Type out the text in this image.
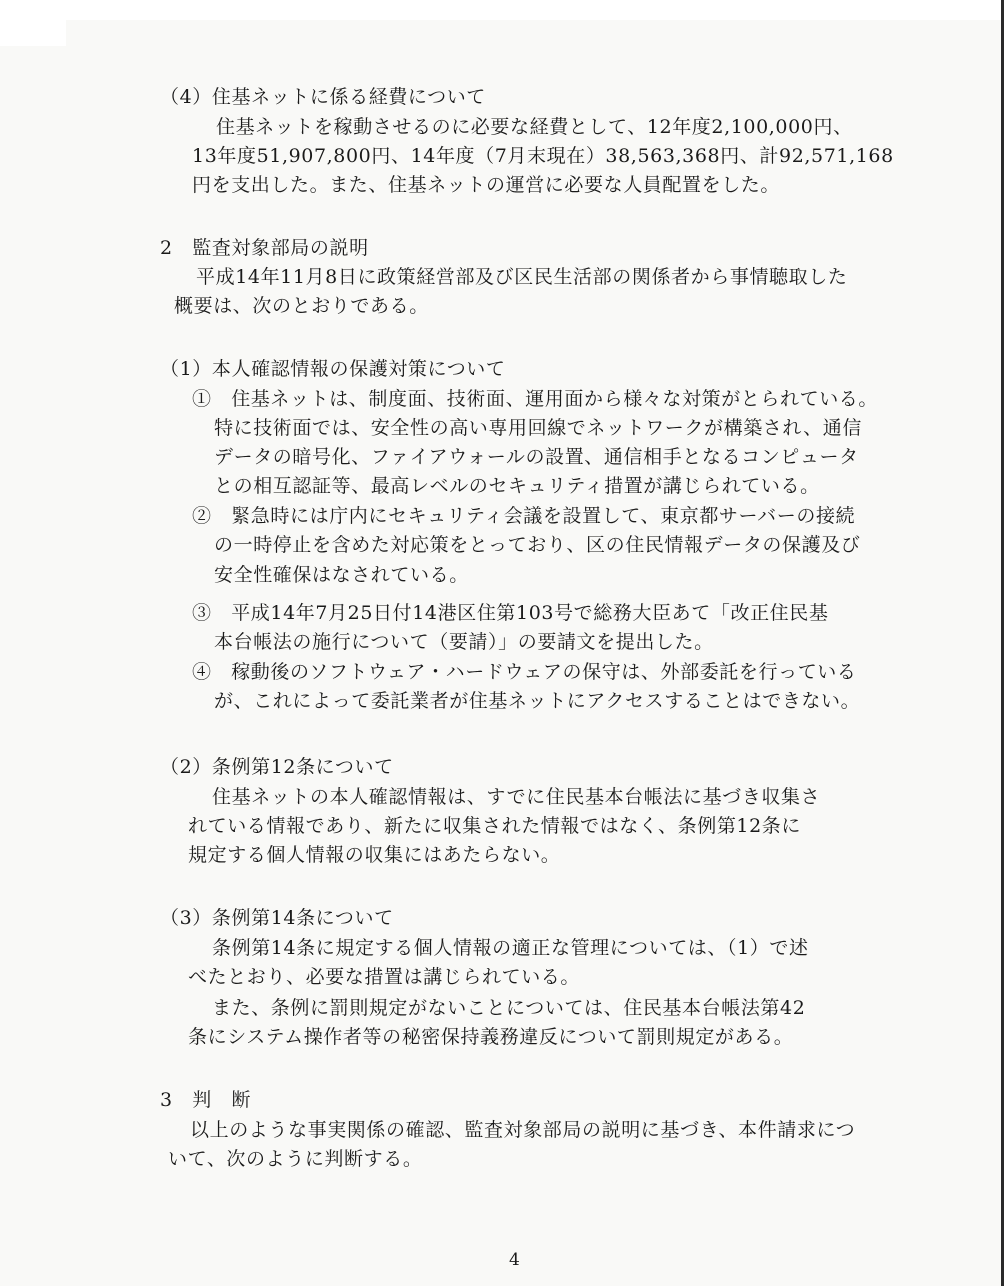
（4）住基ネットに係る経費について
住基ネットを稼動させるのに必要な経費として、12年度2,100,000円、
13年度51,907,800円、14年度（7月末現在）38,563,368円、計92,571,168
円を支出した。また、住基ネットの運営に必要な人員配置をした。
2　監査対象部局の説明
平成14年11月8日に政策経営部及び区民生活部の関係者から事情聴取した
概要は、次のとおりである。
（1）本人確認情報の保護対策について
①　住基ネットは、制度面、技術面、運用面から様々な対策がとられている。
特に技術面では、安全性の高い専用回線でネットワークが構築され、通信
データの暗号化、ファイアウォールの設置、通信相手となるコンピュータ
との相互認証等、最高レベルのセキュリティ措置が講じられている。
②　緊急時には庁内にセキュリティ会議を設置して、東京都サーバーの接続
の一時停止を含めた対応策をとっており、区の住民情報データの保護及び
安全性確保はなされている。
③　平成14年7月25日付14港区住第103号で総務大臣あて「改正住民基
本台帳法の施行について（要請）」の要請文を提出した。
④　稼動後のソフトウェア・ハードウェアの保守は、外部委託を行っている
が、これによって委託業者が住基ネットにアクセスすることはできない。
（2）条例第12条について
住基ネットの本人確認情報は、すでに住民基本台帳法に基づき収集さ
れている情報であり、新たに収集された情報ではなく、条例第12条に
規定する個人情報の収集にはあたらない。
（3）条例第14条について
条例第14条に規定する個人情報の適正な管理については、（1）で述
べたとおり、必要な措置は講じられている。
また、条例に罰則規定がないことについては、住民基本台帳法第42
条にシステム操作者等の秘密保持義務違反について罰則規定がある。
3　判　断
以上のような事実関係の確認、監査対象部局の説明に基づき、本件請求につ
いて、次のように判断する。
4
